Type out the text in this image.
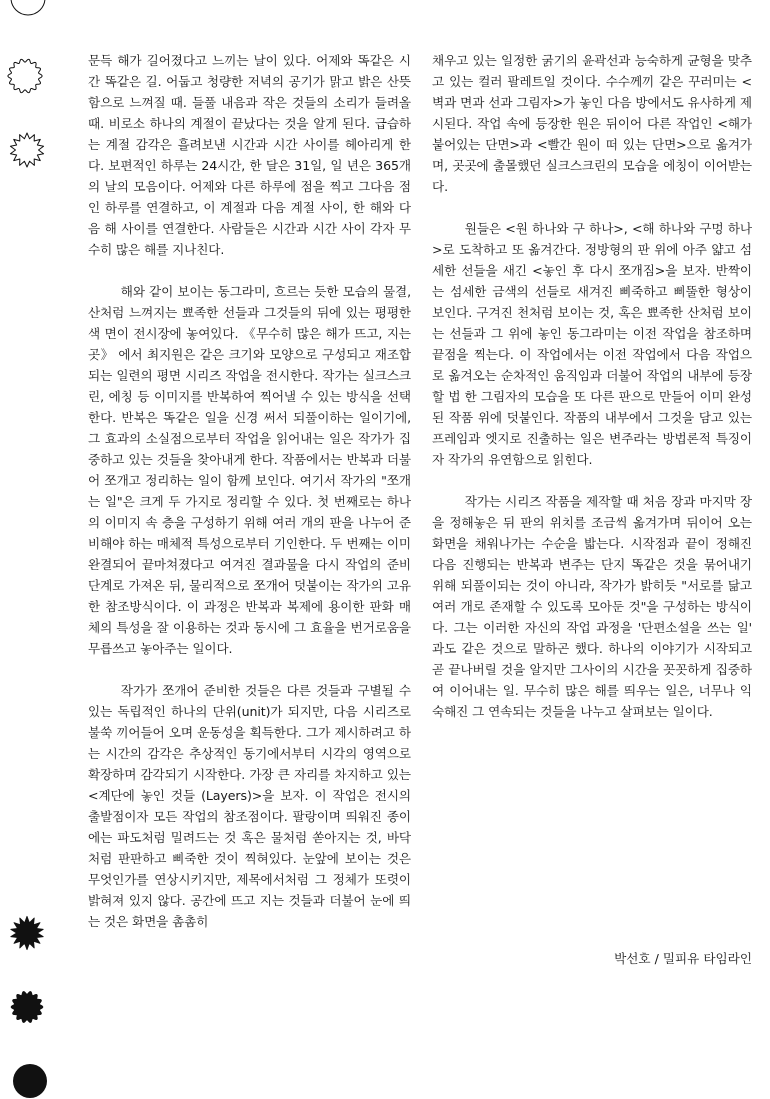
문득 해가 길어졌다고 느끼는 날이 있다. 어제와 똑같은 시간 똑같은 길. 어둡고 청량한 저녁의 공기가 맑고 밝은 산뜻함으로 느껴질 때. 들풀 내음과 작은 것들의 소리가 들려올 때. 비로소 하나의 계절이 끝났다는 것을 알게 된다. 급습하는 계절 감각은 흘려보낸 시간과 시간 사이를 헤아리게 한다. 보편적인 하루는 24시간, 한 달은 31일, 일 년은 365개의 날의 모음이다. 어제와 다른 하루에 점을 찍고 그다음 점인 하루를 연결하고, 이 계절과 다음 계절 사이, 한 해와 다음 해 사이를 연결한다. 사람들은 시간과 시간 사이 각자 무수히 많은 해를 지나친다.

해와 같이 보이는 동그라미, 흐르는 듯한 모습의 물결, 산처럼 느껴지는 뾰족한 선들과 그것들의 뒤에 있는 평평한 색 면이 전시장에 놓여있다. 《무수히 많은 해가 뜨고, 지는 곳》 에서 최지원은 같은 크기와 모양으로 구성되고 재조합되는 일련의 평면 시리즈 작업을 전시한다. 작가는 실크스크린, 에칭 등 이미지를 반복하여 찍어낼 수 있는 방식을 선택한다. 반복은 똑같은 일을 신경 써서 되풀이하는 일이기에, 그 효과의 소실점으로부터 작업을 읽어내는 일은 작가가 집중하고 있는 것들을 찾아내게 한다. 작품에서는 반복과 더불어 쪼개고 정리하는 일이 함께 보인다. 여기서 작가의 "쪼개는 일"은 크게 두 가지로 정리할 수 있다. 첫 번째로는 하나의 이미지 속 층을 구성하기 위해 여러 개의 판을 나누어 준비해야 하는 매체적 특성으로부터 기인한다. 두 번째는 이미 완결되어 끝마쳐졌다고 여겨진 결과물을 다시 작업의 준비 단계로 가져온 뒤, 물리적으로 쪼개어 덧붙이는 작가의 고유한 참조방식이다. 이 과정은 반복과 복제에 용이한 판화 매체의 특성을 잘 이용하는 것과 동시에 그 효율을 번거로움을 무릅쓰고 놓아주는 일이다.

작가가 쪼개어 준비한 것들은 다른 것들과 구별될 수 있는 독립적인 하나의 단위(unit)가 되지만, 다음 시리즈로 불쑥 끼어들어 오며 운동성을 획득한다. 그가 제시하려고 하는 시간의 감각은 추상적인 동기에서부터 시각의 영역으로 확장하며 감각되기 시작한다. 가장 큰 자리를 차지하고 있는 <계단에 놓인 것들 (Layers)>을 보자. 이 작업은 전시의 출발점이자 모든 작업의 참조점이다. 팔랑이며 띄워진 종이에는 파도처럼 밀려드는 것 혹은 물처럼 쏟아지는 것, 바닥처럼 판판하고 삐죽한 것이 찍혀있다. 눈앞에 보이는 것은 무엇인가를 연상시키지만, 제목에서처럼 그 정체가 또렷이 밝혀져 있지 않다. 공간에 뜨고 지는 것들과 더불어 눈에 띄는 것은 화면을 촘촘히

채우고 있는 일정한 굵기의 윤곽선과 능숙하게 균형을 맞추고 있는 컬러 팔레트일 것이다. 수수께끼 같은 꾸러미는 <벽과 면과 선과 그림자>가 놓인 다음 방에서도 유사하게 제시된다. 작업 속에 등장한 원은 뒤이어 다른 작업인 <해가 붙어있는 단면>과 <빨간 원이 떠 있는 단면>으로 옮겨가며, 곳곳에 출몰했던 실크스크린의 모습을 에칭이 이어받는다.

원들은 <원 하나와 구 하나>, <해 하나와 구멍 하나>로 도착하고 또 옮겨간다. 정방형의 판 위에 아주 얇고 섬세한 선들을 새긴 <놓인 후 다시 쪼개짐>을 보자. 반짝이는 섬세한 금색의 선들로 새겨진 삐죽하고 삐뚤한 형상이 보인다. 구겨진 천처럼 보이는 것, 혹은 뾰족한 산처럼 보이는 선들과 그 위에 놓인 동그라미는 이전 작업을 참조하며 끝점을 찍는다. 이 작업에서는 이전 작업에서 다음 작업으로 옮겨오는 순차적인 움직임과 더불어 작업의 내부에 등장할 법 한 그림자의 모습을 또 다른 판으로 만들어 이미 완성된 작품 위에 덧붙인다. 작품의 내부에서 그것을 담고 있는 프레임과 엣지로 진출하는 일은 변주라는 방법론적 특징이자 작가의 유연함으로 읽힌다.

작가는 시리즈 작품을 제작할 때 처음 장과 마지막 장을 정해놓은 뒤 판의 위치를 조금씩 옮겨가며 뒤이어 오는 화면을 채워나가는 수순을 밟는다. 시작점과 끝이 정해진 다음 진행되는 반복과 변주는 단지 똑같은 것을 묶어내기 위해 되풀이되는 것이 아니라, 작가가 밝히듯 "서로를 닮고 여러 개로 존재할 수 있도록 모아둔 것"을 구성하는 방식이다. 그는 이러한 자신의 작업 과정을 '단편소설을 쓰는 일' 과도 같은 것으로 말하곤 했다. 하나의 이야기가 시작되고 곧 끝나버릴 것을 알지만 그사이의 시간을 꼿꼿하게 집중하여 이어내는 일. 무수히 많은 해를 띄우는 일은, 너무나 익숙해진 그 연속되는 것들을 나누고 살펴보는 일이다.

박선호 / 밀피유 타임라인
